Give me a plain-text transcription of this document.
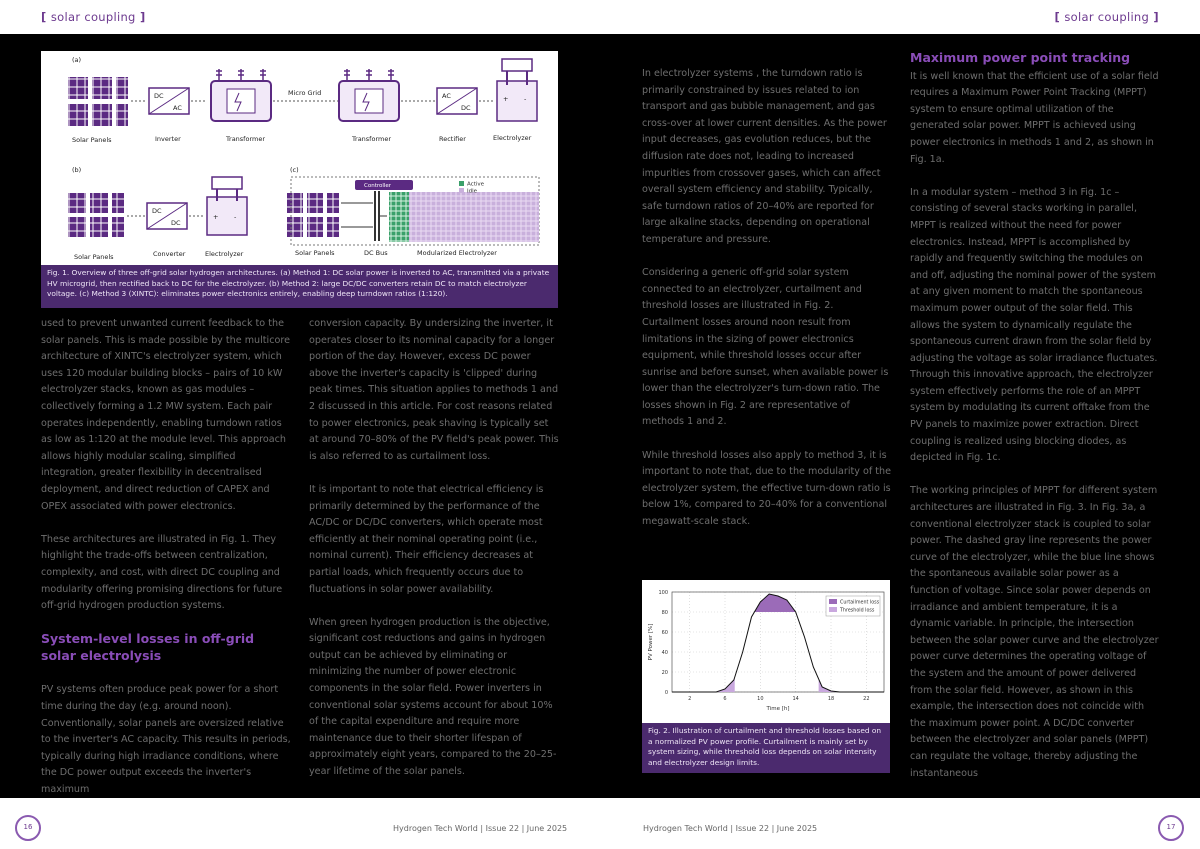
[ solar coupling ]	[ solar coupling ]
(a)
DC
AC
Micro Grid	AC
DC
+ -
Solar Panels	Inverter	Transformer	Transformer	Rectifier	Electrolyzer
(b)
DC
DC
+ -
Solar Panels	Converter	Electrolyzer
(c)
Controller	Active
Idle
Solar Panels	DC Bus	Modularized Electrolyzer
Fig. 1. Overview of three off-grid solar hydrogen architectures. (a) Method 1: DC solar power is inverted to AC, transmitted via a private HV microgrid, then rectified back to DC for the electrolyzer. (b) Method 2: large DC/DC converters retain DC to match electrolyzer voltage. (c) Method 3 (XINTC): eliminates power electronics entirely, enabling deep turndown ratios (1:120).

used to prevent unwanted current feedback to the solar panels. This is made possible by the multicore architecture of XINTC's electrolyzer system, which uses 120 modular building blocks – pairs of 10 kW electrolyzer stacks, known as gas modules – collectively forming a 1.2 MW system. Each pair operates independently, enabling turndown ratios as low as 1:120 at the module level. This approach allows highly modular scaling, simplified integration, greater flexibility in decentralised deployment, and direct reduction of CAPEX and OPEX associated with power electronics.

These architectures are illustrated in Fig. 1. They highlight the trade-offs between centralization, complexity, and cost, with direct DC coupling and modularity offering promising directions for future off-grid hydrogen production systems.

System-level losses in off-grid solar electrolysis

PV systems often produce peak power for a short time during the day (e.g. around noon). Conventionally, solar panels are oversized relative to the inverter's AC capacity. This results in periods, typically during high irradiance conditions, where the DC power output exceeds the inverter's maximum

conversion capacity. By undersizing the inverter, it operates closer to its nominal capacity for a longer portion of the day. However, excess DC power above the inverter's capacity is 'clipped' during peak times. This situation applies to methods 1 and 2 discussed in this article. For cost reasons related to power electronics, peak shaving is typically set at around 70–80% of the PV field's peak power. This is also referred to as curtailment loss.

It is important to note that electrical efficiency is primarily determined by the performance of the AC/DC or DC/DC converters, which operate most efficiently at their nominal operating point (i.e., nominal current). Their efficiency decreases at partial loads, which frequently occurs due to fluctuations in solar power availability.

When green hydrogen production is the objective, significant cost reductions and gains in hydrogen output can be achieved by eliminating or minimizing the number of power electronic components in the solar field. Power inverters in conventional solar systems account for about 10% of the capital expenditure and require more maintenance due to their shorter lifespan of approximately eight years, compared to the 20–25-year lifetime of the solar panels.

In electrolyzer systems , the turndown ratio is primarily constrained by issues related to ion transport and gas bubble management, and gas cross-over at lower current densities. As the power input decreases, gas evolution reduces, but the diffusion rate does not, leading to increased impurities from crossover gases, which can affect overall system efficiency and stability. Typically, safe turndown ratios of 20–40% are reported for large alkaline stacks, depending on operational temperature and pressure.

Considering a generic off-grid solar system connected to an electrolyzer, curtailment and threshold losses are illustrated in Fig. 2. Curtailment losses around noon result from limitations in the sizing of power electronics equipment, while threshold losses occur after sunrise and before sunset, when available power is lower than the electrolyzer's turn-down ratio. The losses shown in Fig. 2 are representative of methods 1 and 2.

While threshold losses also apply to method 3, it is important to note that, due to the modularity of the electrolyzer system, the effective turn-down ratio is below 1%, compared to 20–40% for a conventional megawatt-scale stack.

0
20
40
60
80
100
2	6	10	14	18	22
Time [h]
PV Power [%]
Curtailment loss
Threshold loss
Fig. 2. Illustration of curtailment and threshold losses based on a normalized PV power profile. Curtailment is mainly set by system sizing, while threshold loss depends on solar intensity and electrolyzer design limits.
Maximum power point tracking

It is well known that the efficient use of a solar field requires a Maximum Power Point Tracking (MPPT) system to ensure optimal utilization of the generated solar power. MPPT is achieved using power electronics in methods 1 and 2, as shown in Fig. 1a.

In a modular system – method 3 in Fig. 1c – consisting of several stacks working in parallel, MPPT is realized without the need for power electronics. Instead, MPPT is accomplished by rapidly and frequently switching the modules on and off, adjusting the nominal power of the system at any given moment to match the spontaneous maximum power output of the solar field. This allows the system to dynamically regulate the spontaneous current drawn from the solar field by adjusting the voltage as solar irradiance fluctuates. Through this innovative approach, the electrolyzer system effectively performs the role of an MPPT system by modulating its current offtake from the PV panels to maximize power extraction. Direct coupling is realized using blocking diodes, as depicted in Fig. 1c.

The working principles of MPPT for different system architectures are illustrated in Fig. 3. In Fig. 3a, a conventional electrolyzer stack is coupled to solar power. The dashed gray line represents the power curve of the electrolyzer, while the blue line shows the spontaneous available solar power as a function of voltage. Since solar power depends on irradiance and ambient temperature, it is a dynamic variable. In principle, the intersection between the solar power curve and the electrolyzer power curve determines the operating voltage of the system and the amount of power delivered from the solar field. However, as shown in this example, the intersection does not coincide with the maximum power point. A DC/DC converter between the electrolyzer and solar panels (MPPT) can regulate the voltage, thereby adjusting the instantaneous

16	Hydrogen Tech World | Issue 22 | June 2025	Hydrogen Tech World | Issue 22 | June 2025	17
